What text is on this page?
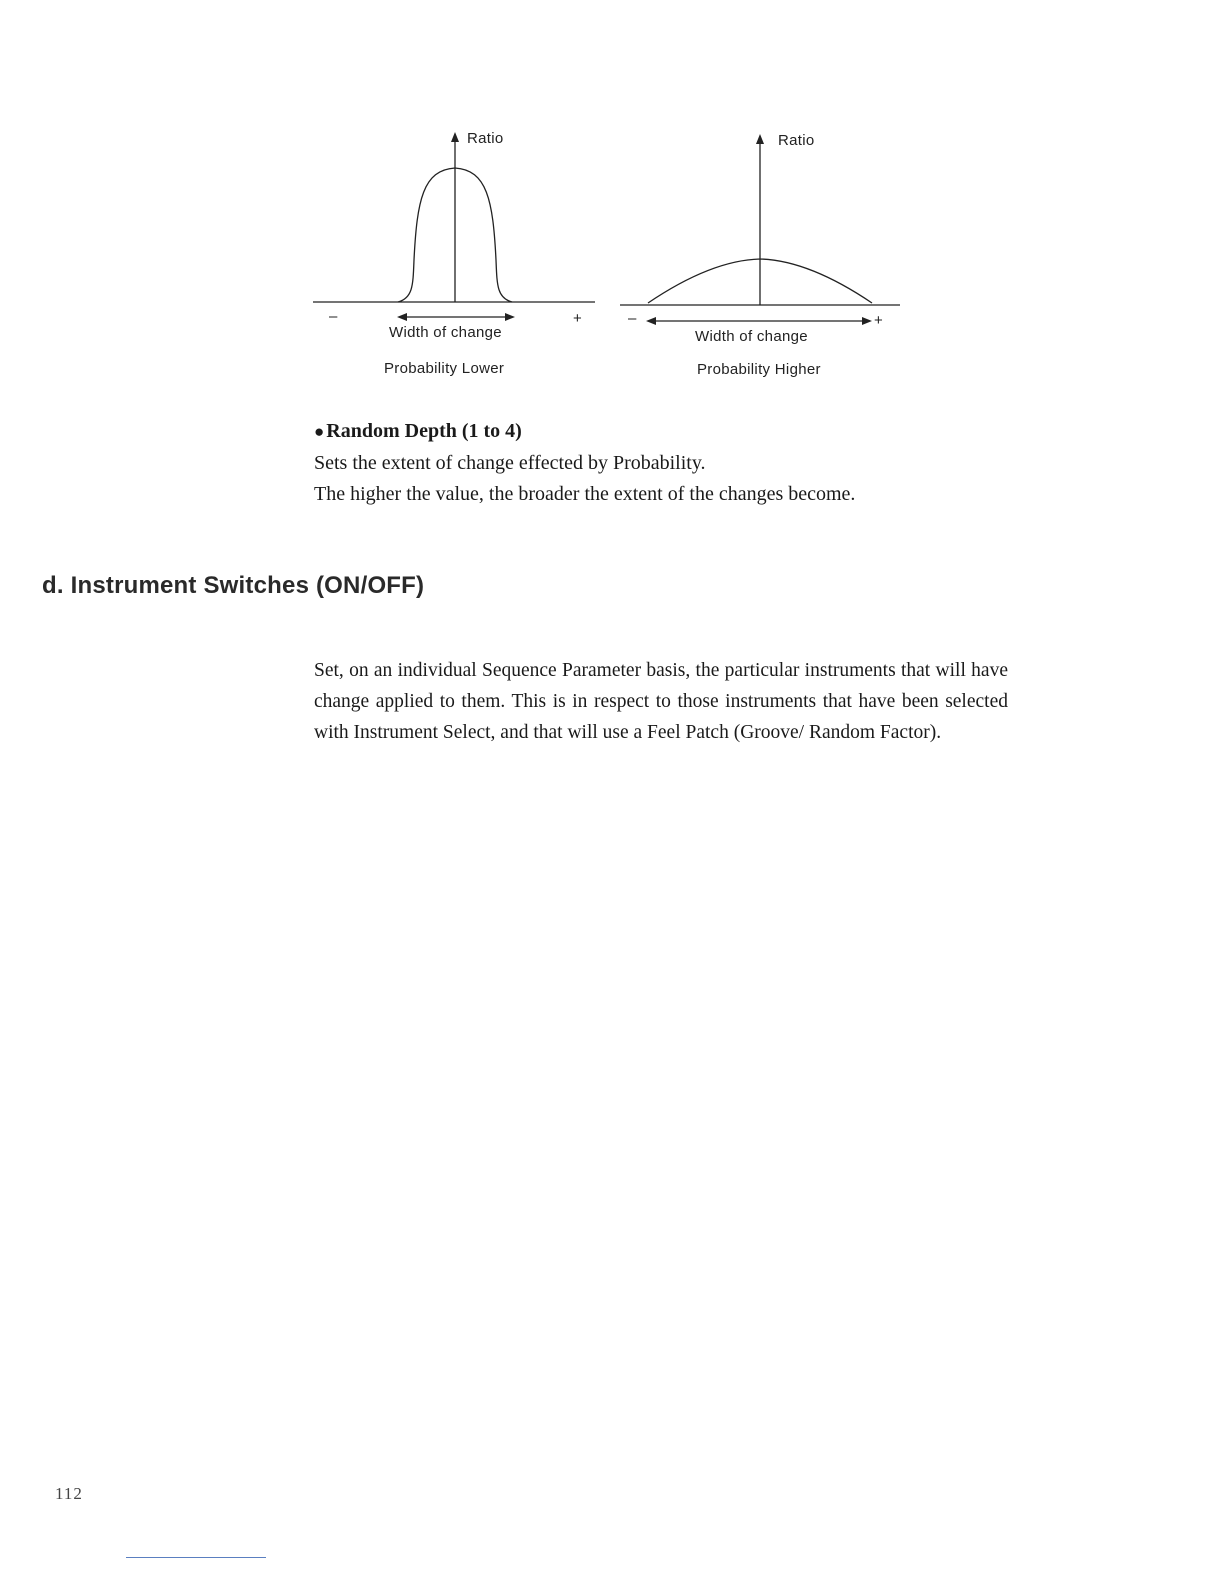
Ratio
–	+
Width of change
Probability Lower
Ratio
–	+
Width of change
Probability Higher
● Random Depth (1 to 4)
Sets the extent of change effected by Probability.
The higher the value, the broader the extent of the changes become.
d. Instrument Switches (ON/OFF)

Set, on an individual Sequence Parameter basis, the particular instruments that will have change applied to them. This is in respect to those instruments that have been selected with Instrument Select, and that will use a Feel Patch (Groove/ Random Factor).

112
